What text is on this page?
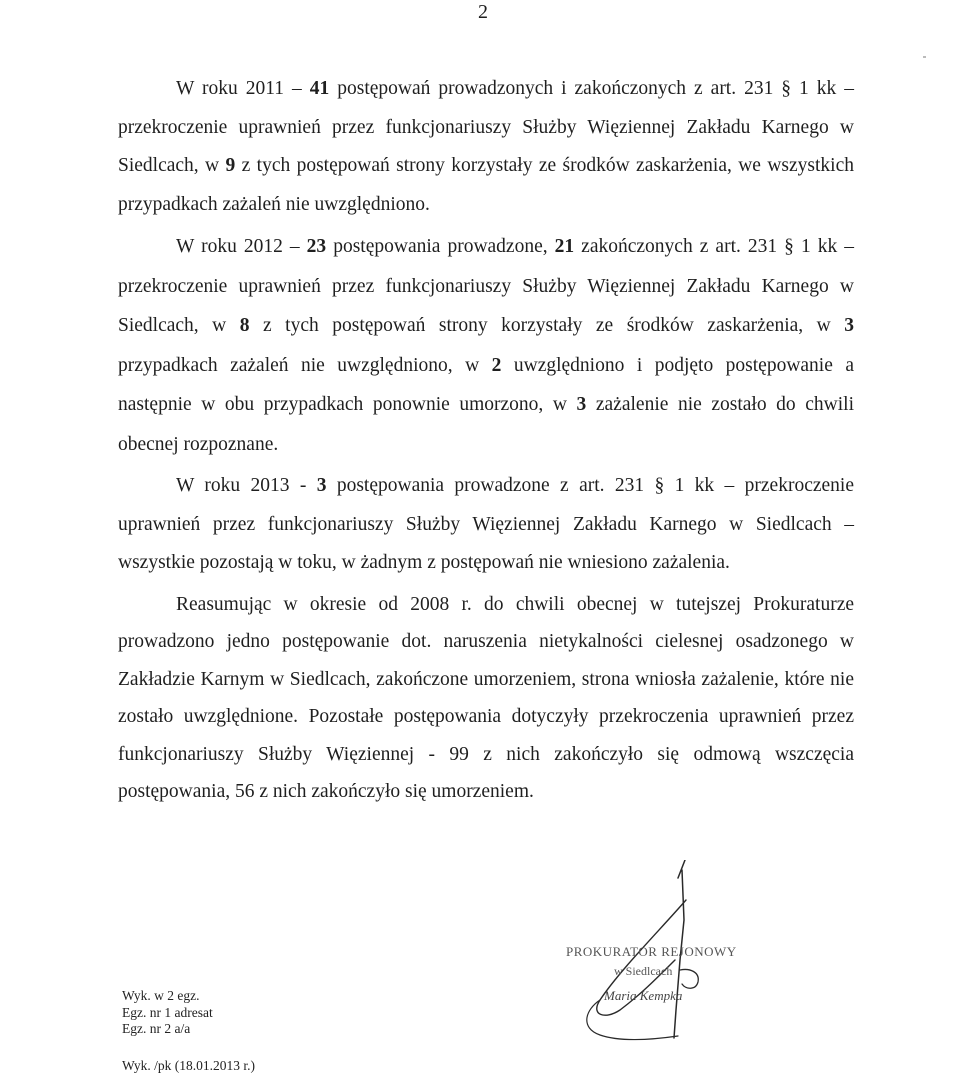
2

W roku 2011 – 41 postępowań prowadzonych i zakończonych z art. 231 § 1 kk – przekroczenie uprawnień przez funkcjonariuszy Służby Więziennej Zakładu Karnego w Siedlcach, w 9 z tych postępowań strony korzystały ze środków zaskarżenia, we wszystkich przypadkach zażaleń nie uwzględniono.

W roku 2012 – 23 postępowania prowadzone, 21 zakończonych z art. 231 § 1 kk – przekroczenie uprawnień przez funkcjonariuszy Służby Więziennej Zakładu Karnego w Siedlcach, w 8 z tych postępowań strony korzystały ze środków zaskarżenia, w 3 przypadkach zażaleń nie uwzględniono, w 2 uwzględniono i podjęto postępowanie a następnie w obu przypadkach ponownie umorzono, w 3 zażalenie nie zostało do chwili obecnej rozpoznane.

W roku 2013 - 3 postępowania prowadzone z art. 231 § 1 kk – przekroczenie uprawnień przez funkcjonariuszy Służby Więziennej Zakładu Karnego w Siedlcach – wszystkie pozostają w toku, w żadnym z postępowań nie wniesiono zażalenia.

Reasumując w okresie od 2008 r. do chwili obecnej w tutejszej Prokuraturze prowadzono jedno postępowanie dot. naruszenia nietykalności cielesnej osadzonego w Zakładzie Karnym w Siedlcach, zakończone umorzeniem, strona wniosła zażalenie, które nie zostało uwzględnione. Pozostałe postępowania dotyczyły przekroczenia uprawnień przez funkcjonariuszy Służby Więziennej - 99 z nich zakończyło się odmową wszczęcia postępowania, 56 z nich zakończyło się umorzeniem.

PROKURATOR REJONOWY
w Siedlcach
Maria Kempka
Wyk. w 2 egz.
Egz. nr 1 adresat
Egz. nr 2 a/a
Wyk. /pk (18.01.2013 r.)
